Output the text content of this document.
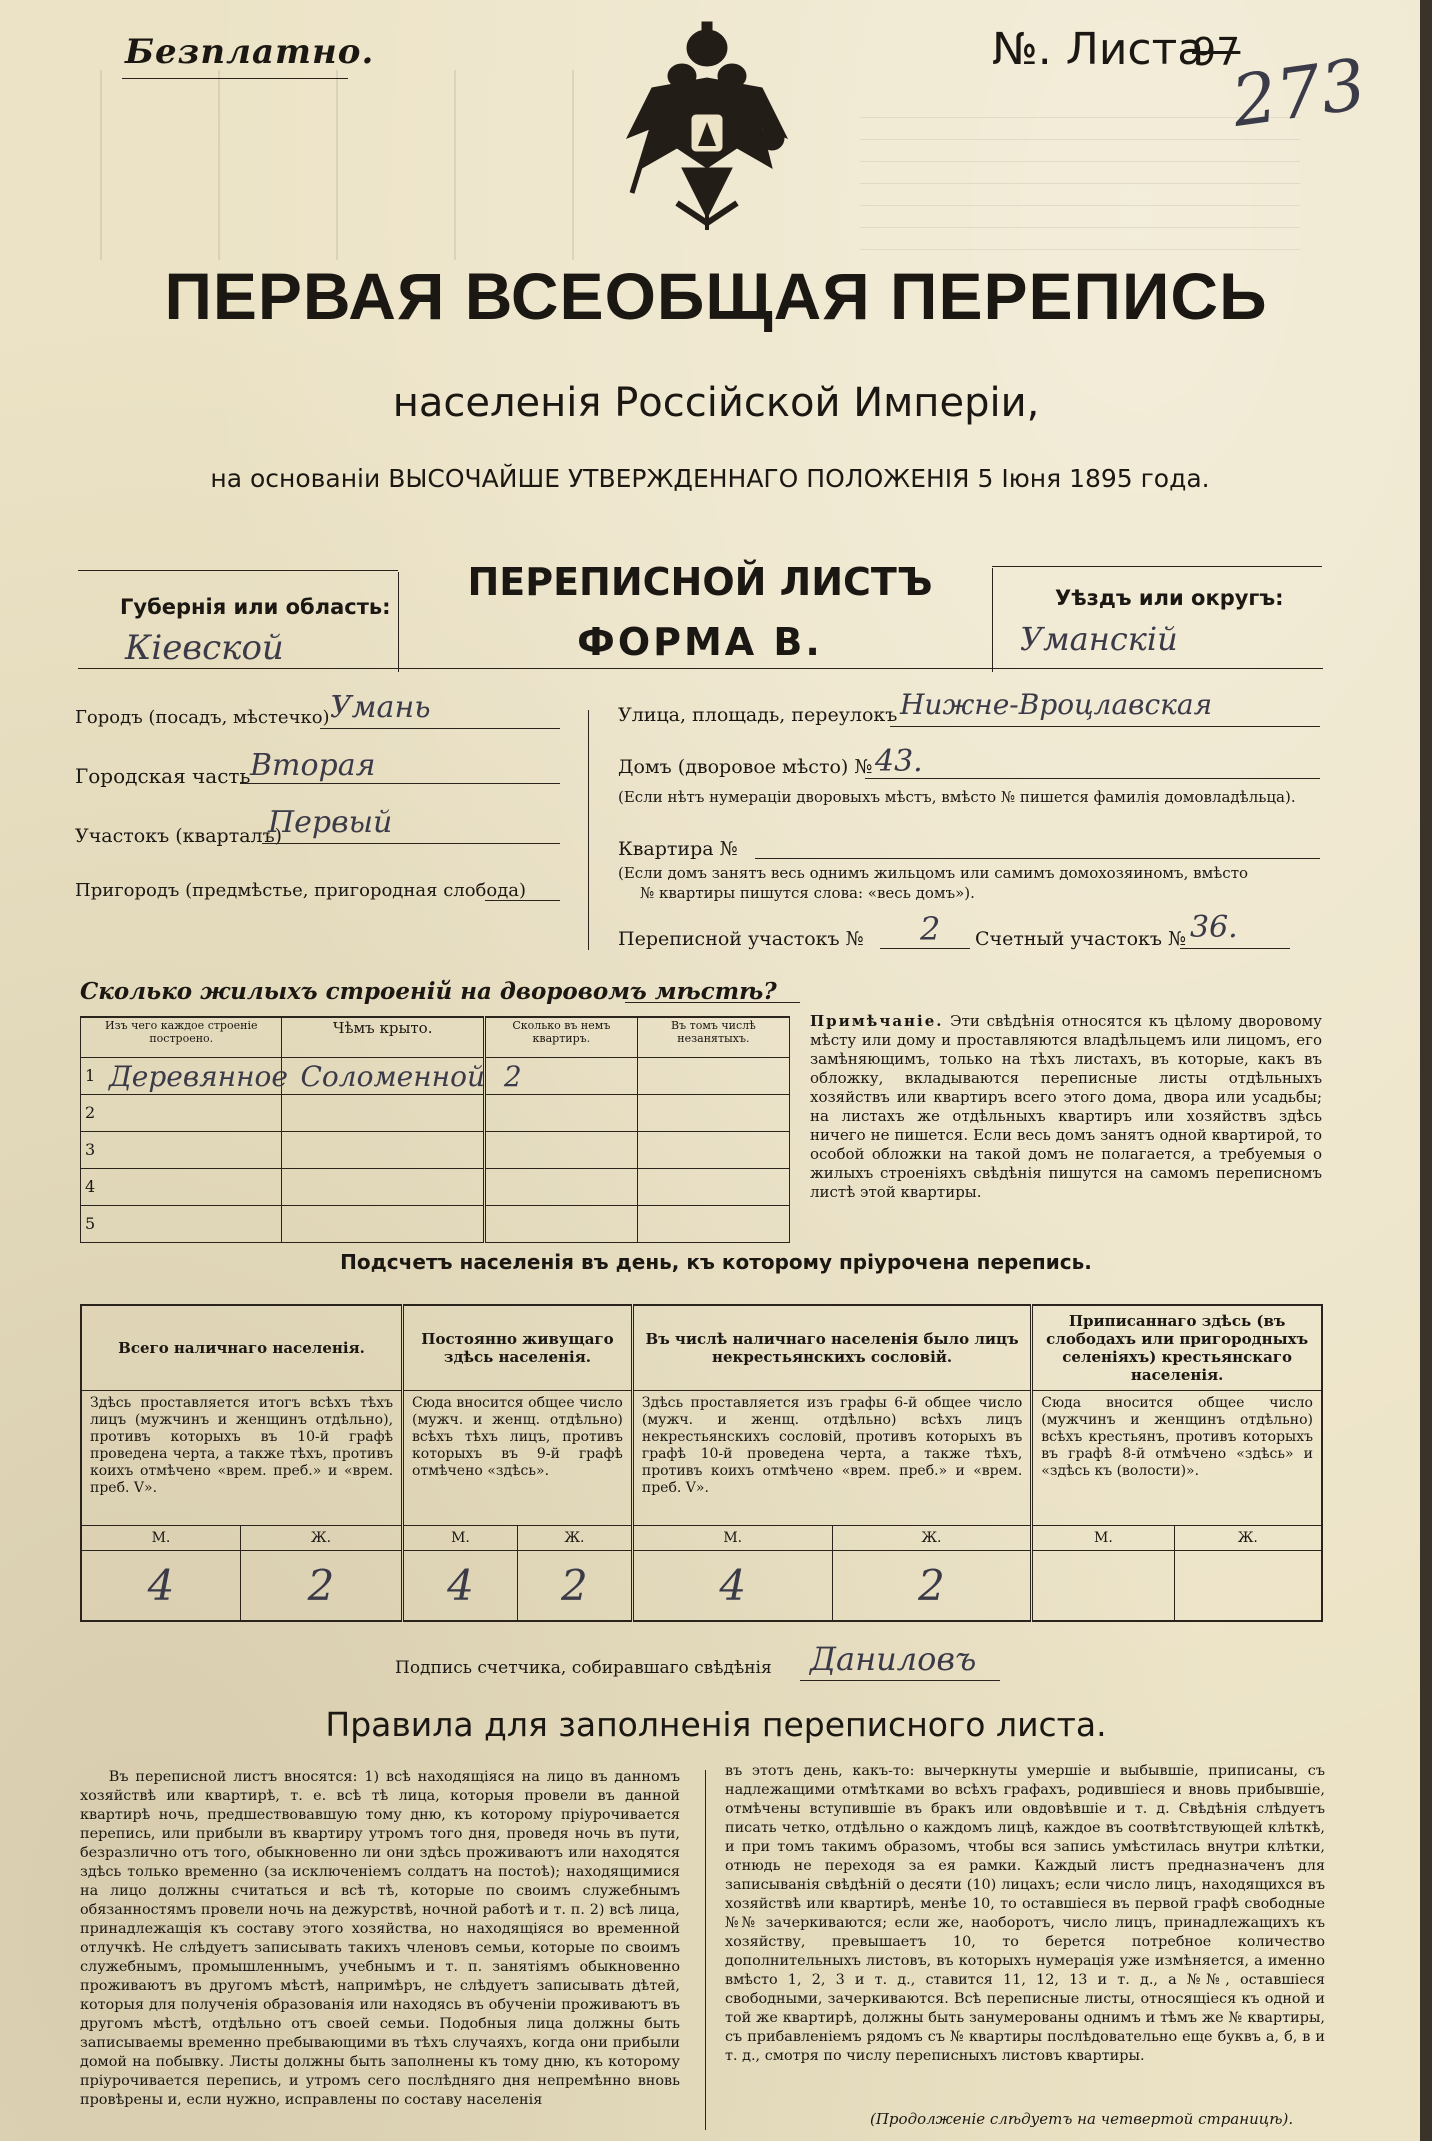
Безплатно.	№. Листа
97
273
ПЕРВАЯ ВСЕОБЩАЯ ПЕРЕПИСЬ
населенія Россійской Имперіи,
на основаніи ВЫСОЧАЙШЕ УТВЕРЖДЕННАГО ПОЛОЖЕНІЯ 5 Іюня 1895 года.
Губернія или область:
Кіевской
ПЕРЕПИСНОЙ ЛИСТЪ
ФОРМА В.
Уѣздъ или округъ:
Уманскій
Городъ (посадъ, мѣстечко) Умань
Городская часть Вторая
Участокъ (кварталъ)
Первый
Пригородъ (предмѣстье, пригородная слобода)
Улица, площадь, переулокъ Нижне-Вроцлавская
Домъ (дворовое мѣсто) № 43.
(Если нѣтъ нумераціи дворовыхъ мѣстъ, вмѣсто № пишется фамилія домовладѣльца).
Квартира №
(Если домъ занятъ весь однимъ жильцомъ или самимъ домохозяиномъ, вмѣсто
№ квартиры пишутся слова: «весь домъ»).
Переписной участокъ № 2 Счетный участокъ № 36.
Сколько жилыхъ строеній на дворовомъ мѣстѣ?
Изъ чего каждое строеніе построено.	Чѣмъ крыто.	Сколько въ немъ квартиръ.	Въ томъ числѣ незанятыхъ.

1 Деревянное	Соломенной	2	

2			

3			

4			

5			

Примѣчаніе. Эти свѣдѣнія относятся къ цѣлому дворовому мѣсту или дому и проставляются владѣльцемъ или лицомъ, его замѣняющимъ, только на тѣхъ листахъ, въ которые, какъ въ обложку, вкладываются переписные листы отдѣльныхъ хозяйствъ или квартиръ всего этого дома, двора или усадьбы; на листахъ же отдѣльныхъ квартиръ или хозяйствъ здѣсь ничего не пишется. Если весь домъ занятъ одной квартирой, то особой обложки на такой домъ не полагается, а требуемыя о жилыхъ строеніяхъ свѣдѣнія пишутся на самомъ переписномъ листѣ этой квартиры.
Подсчетъ населенія въ день, къ которому пріурочена перепись.
Всего наличнаго населенія.		Постоянно живущаго здѣсь населенія.		Въ числѣ наличнаго населенія было лицъ некрестьянскихъ сословій.		Приписаннаго здѣсь (въ слободахъ или пригородныхъ селеніяхъ) крестьянскаго населенія.	
Здѣсь проставляется итогъ всѣхъ тѣхъ лицъ (мужчинъ и женщинъ отдѣльно), противъ которыхъ въ 10-й графѣ проведена черта, а также тѣхъ, противъ коихъ отмѣчено «врем. преб.» и «врем. преб. V».		Сюда вносится общее число (мужч. и женщ. отдѣльно) всѣхъ тѣхъ лицъ, противъ которыхъ въ 9-й графѣ отмѣчено «здѣсь».		Здѣсь проставляется изъ графы 6-й общее число (мужч. и женщ. отдѣльно) всѣхъ лицъ некрестьянскихъ сословій, противъ которыхъ въ графѣ 10-й проведена черта, а также тѣхъ, противъ коихъ отмѣчено «врем. преб.» и «врем. преб. V».		Сюда вносится общее число (мужчинъ и женщинъ отдѣльно) всѣхъ крестьянъ, противъ которыхъ въ графѣ 8-й отмѣчено «здѣсь» и «здѣсь къ (волости)».	
М.	Ж.	М.	Ж.	М.	Ж.	М.	Ж.
4	2	4	2	4	2		
Подпись счетчика, собиравшаго свѣдѣнія Даниловъ
Правила для заполненія переписного листа.
Въ переписной листъ вносятся: 1) всѣ находящіяся на лицо въ данномъ хозяйствѣ или квартирѣ, т. е. всѣ тѣ лица, которыя провели въ данной квартирѣ ночь, предшествовавшую тому дню, къ которому пріурочивается перепись, или прибыли въ квартиру утромъ того дня, проведя ночь въ пути, безразлично отъ того, обыкновенно ли они здѣсь проживаютъ или находятся здѣсь только временно (за исключеніемъ солдатъ на постоѣ); находящимися на лицо должны считаться и всѣ тѣ, которые по своимъ служебнымъ обязанностямъ провели ночь на дежурствѣ, ночной работѣ и т. п. 2) всѣ лица, принадлежащія къ составу этого хозяйства, но находящіяся во временной отлучкѣ. Не слѣдуетъ записывать такихъ членовъ семьи, которые по своимъ служебнымъ, промышленнымъ, учебнымъ и т. п. занятіямъ обыкновенно проживаютъ въ другомъ мѣстѣ, напримѣръ, не слѣдуетъ записывать дѣтей, которыя для полученія образованія или находясь въ обученіи проживаютъ въ другомъ мѣстѣ, отдѣльно отъ своей семьи. Подобныя лица должны быть записываемы временно пребывающими въ тѣхъ случаяхъ, когда они прибыли домой на побывку. Листы должны быть заполнены къ тому дню, къ которому пріурочивается перепись, и утромъ сего послѣдняго дня непремѣнно вновь провѣрены и, если нужно, исправлены по составу населенія
въ этотъ день, какъ-то: вычеркнуты умершіе и выбывшіе, приписаны, съ надлежащими отмѣтками во всѣхъ графахъ, родившіеся и вновь прибывшіе, отмѣчены вступившіе въ бракъ или овдовѣвшіе и т. д. Свѣдѣнія слѣдуетъ писать четко, отдѣльно о каждомъ лицѣ, каждое въ соотвѣтствующей клѣткѣ, и при томъ такимъ образомъ, чтобы вся запись умѣстилась внутри клѣтки, отнюдь не переходя за ея рамки. Каждый листъ предназначенъ для записыванія свѣдѣній о десяти (10) лицахъ; если число лицъ, находящихся въ хозяйствѣ или квартирѣ, менѣе 10, то оставшіеся въ первой графѣ свободные №№ зачеркиваются; если же, наоборотъ, число лицъ, принадлежащихъ къ хозяйству, превышаетъ 10, то берется потребное количество дополнительныхъ листовъ, въ которыхъ нумерація уже измѣняется, а именно вмѣсто 1, 2, 3 и т. д., ставится 11, 12, 13 и т. д., а №№, оставшіеся свободными, зачеркиваются. Всѣ переписные листы, относящіеся къ одной и той же квартирѣ, должны быть занумерованы однимъ и тѣмъ же № квартиры, съ прибавленіемъ рядомъ съ № квартиры послѣдовательно еще буквъ а, б, в и т. д., смотря по числу переписныхъ листовъ квартиры.
(Продолженіе слѣдуетъ на четвертой страницѣ).
